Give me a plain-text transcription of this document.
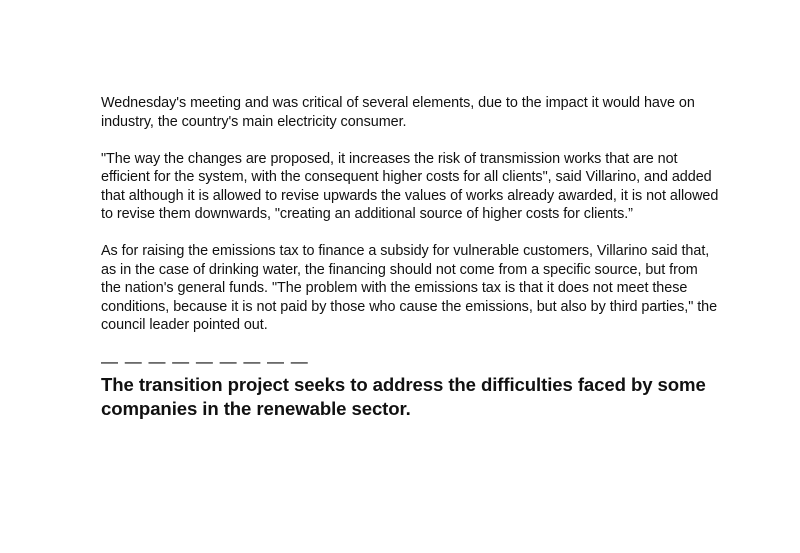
Wednesday's meeting and was critical of several elements, due to the impact it would have on industry, the country's main electricity consumer.

"The way the changes are proposed, it increases the risk of transmission works that are not efficient for the system, with the consequent higher costs for all clients", said Villarino, and added that although it is allowed to revise upwards the values of works already awarded, it is not allowed to revise them downwards, "creating an additional source of higher costs for clients.”

As for raising the emissions tax to finance a subsidy for vulnerable customers, Villarino said that, as in the case of drinking water, the financing should not come from a specific source, but from the nation's general funds. "The problem with the emissions tax is that it does not meet these conditions, because it is not paid by those who cause the emissions, but also by third parties," the council leader pointed out.

— — — — — — — — —
The transition project seeks to address the difficulties faced by some companies in the renewable sector.
